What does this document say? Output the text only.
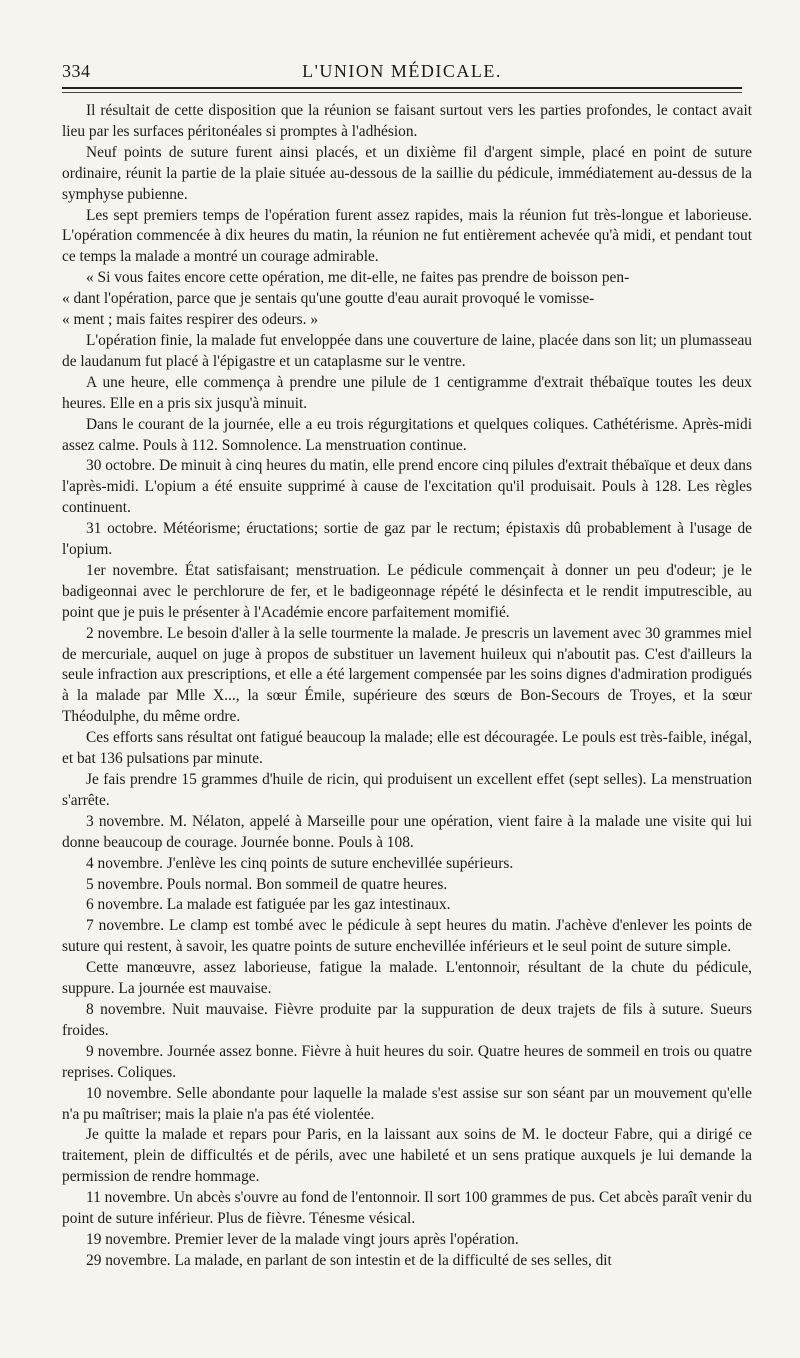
334	L'UNION MÉDICALE.

Il résultait de cette disposition que la réunion se faisant surtout vers les parties profondes, le contact avait lieu par les surfaces péritonéales si promptes à l'adhésion.

Neuf points de suture furent ainsi placés, et un dixième fil d'argent simple, placé en point de suture ordinaire, réunit la partie de la plaie située au-dessous de la saillie du pédicule, immédiatement au-dessus de la symphyse pubienne.

Les sept premiers temps de l'opération furent assez rapides, mais la réunion fut très-longue et laborieuse. L'opération commencée à dix heures du matin, la réunion ne fut entièrement achevée qu'à midi, et pendant tout ce temps la malade a montré un courage admirable.

« Si vous faites encore cette opération, me dit-elle, ne faites pas prendre de boisson pen-

« dant l'opération, parce que je sentais qu'une goutte d'eau aurait provoqué le vomisse-

« ment ; mais faites respirer des odeurs. »

L'opération finie, la malade fut enveloppée dans une couverture de laine, placée dans son lit; un plumasseau de laudanum fut placé à l'épigastre et un cataplasme sur le ventre.

A une heure, elle commença à prendre une pilule de 1 centigramme d'extrait thébaïque toutes les deux heures. Elle en a pris six jusqu'à minuit.

Dans le courant de la journée, elle a eu trois régurgitations et quelques coliques. Cathétérisme. Après-midi assez calme. Pouls à 112. Somnolence. La menstruation continue.

30 octobre. De minuit à cinq heures du matin, elle prend encore cinq pilules d'extrait thébaïque et deux dans l'après-midi. L'opium a été ensuite supprimé à cause de l'excitation qu'il produisait. Pouls à 128. Les règles continuent.

31 octobre. Météorisme; éructations; sortie de gaz par le rectum; épistaxis dû probablement à l'usage de l'opium.

1er novembre. État satisfaisant; menstruation. Le pédicule commençait à donner un peu d'odeur; je le badigeonnai avec le perchlorure de fer, et le badigeonnage répété le désinfecta et le rendit imputrescible, au point que je puis le présenter à l'Académie encore parfaitement momifié.

2 novembre. Le besoin d'aller à la selle tourmente la malade. Je prescris un lavement avec 30 grammes miel de mercuriale, auquel on juge à propos de substituer un lavement huileux qui n'aboutit pas. C'est d'ailleurs la seule infraction aux prescriptions, et elle a été largement compensée par les soins dignes d'admiration prodigués à la malade par Mlle X..., la sœur Émile, supérieure des sœurs de Bon-Secours de Troyes, et la sœur Théodulphe, du même ordre.

Ces efforts sans résultat ont fatigué beaucoup la malade; elle est découragée. Le pouls est très-faible, inégal, et bat 136 pulsations par minute.

Je fais prendre 15 grammes d'huile de ricin, qui produisent un excellent effet (sept selles). La menstruation s'arrête.

3 novembre. M. Nélaton, appelé à Marseille pour une opération, vient faire à la malade une visite qui lui donne beaucoup de courage. Journée bonne. Pouls à 108.

4 novembre. J'enlève les cinq points de suture enchevillée supérieurs.

5 novembre. Pouls normal. Bon sommeil de quatre heures.

6 novembre. La malade est fatiguée par les gaz intestinaux.

7 novembre. Le clamp est tombé avec le pédicule à sept heures du matin. J'achève d'enlever les points de suture qui restent, à savoir, les quatre points de suture enchevillée inférieurs et le seul point de suture simple.

Cette manœuvre, assez laborieuse, fatigue la malade. L'entonnoir, résultant de la chute du pédicule, suppure. La journée est mauvaise.

8 novembre. Nuit mauvaise. Fièvre produite par la suppuration de deux trajets de fils à suture. Sueurs froides.

9 novembre. Journée assez bonne. Fièvre à huit heures du soir. Quatre heures de sommeil en trois ou quatre reprises. Coliques.

10 novembre. Selle abondante pour laquelle la malade s'est assise sur son séant par un mouvement qu'elle n'a pu maîtriser; mais la plaie n'a pas été violentée.

Je quitte la malade et repars pour Paris, en la laissant aux soins de M. le docteur Fabre, qui a dirigé ce traitement, plein de difficultés et de périls, avec une habileté et un sens pratique auxquels je lui demande la permission de rendre hommage.

11 novembre. Un abcès s'ouvre au fond de l'entonnoir. Il sort 100 grammes de pus. Cet abcès paraît venir du point de suture inférieur. Plus de fièvre. Ténesme vésical.

19 novembre. Premier lever de la malade vingt jours après l'opération.

29 novembre. La malade, en parlant de son intestin et de la difficulté de ses selles, dit
